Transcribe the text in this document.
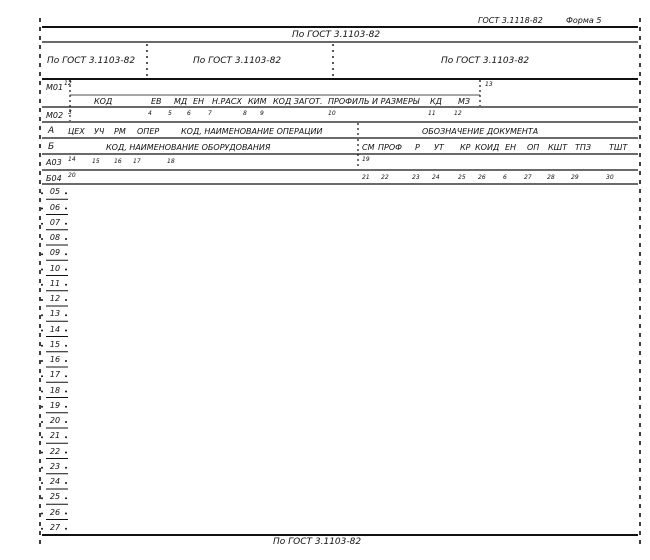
ГОСТ 3.1118-82	Форма 5
По ГОСТ 3.1103-82
По ГОСТ 3.1103-82	По ГОСТ 3.1103-82	По ГОСТ 3.1103-82
М01 12	13
КОД	ЕВ МД ЕН Н.РАСХ КИМ КОД ЗАГОТ. ПРОФИЛЬ И РАЗМЕРЫ КД МЗ
М02 3	4	5	6	7	8 9	10	11	12
А ЦЕХ УЧ РМ ОПЕР	КОД, НАИМЕНОВАНИЕ ОПЕРАЦИИ	ОБОЗНАЧЕНИЕ ДОКУМЕНТА
Б	КОД, НАИМЕНОВАНИЕ ОБОРУДОВАНИЯ	СМ ПРОФ Р УТ КР КОИД ЕН ОП КШТ ТПЗ ТШТ
А03 14	15 16 17	18	19
Б04 20	21 22	23 24	25 26	6	27	28	29	30
05
06
07
08
09
10
11
12
13
14
15
16
17
18
19
20
21
22
23
24
25
26
27
По ГОСТ 3.1103-82
